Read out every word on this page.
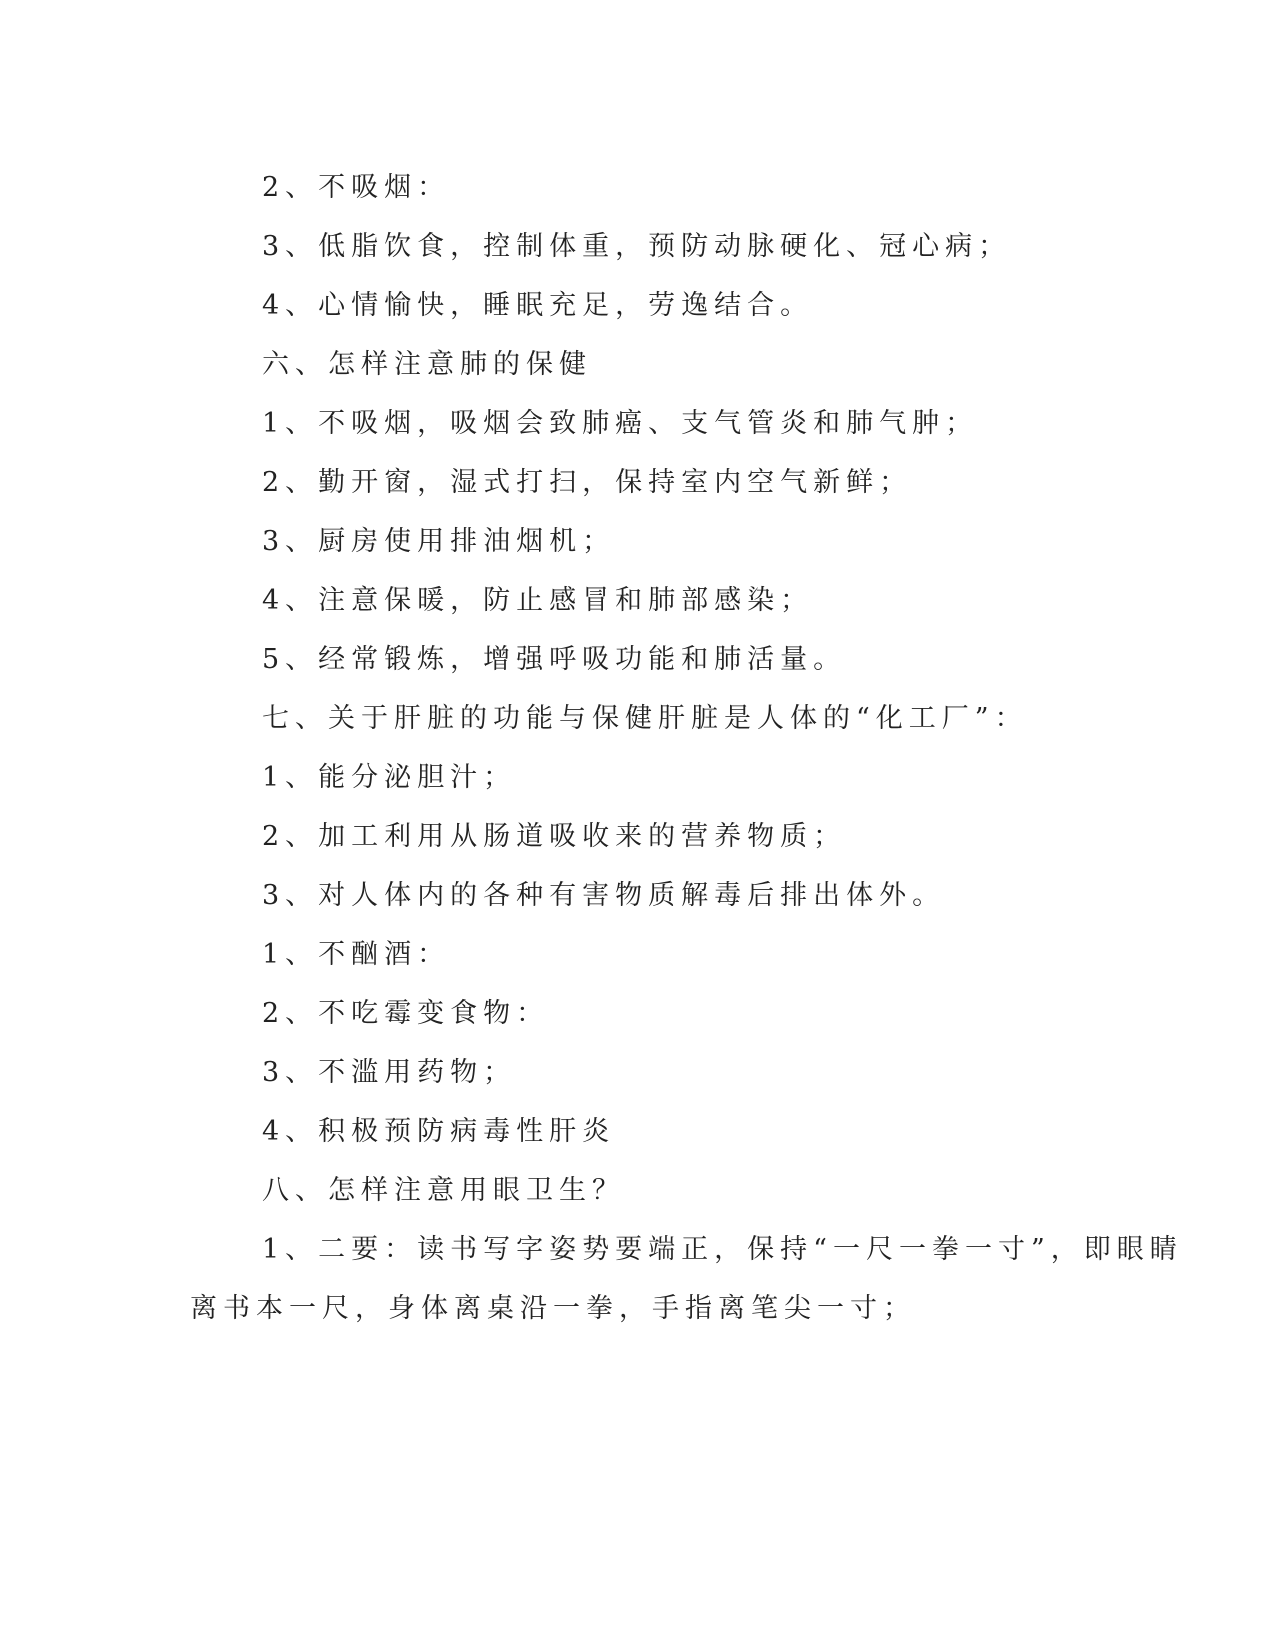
2、不吸烟：
3、低脂饮食，控制体重，预防动脉硬化、冠心病；
4、心情愉快，睡眠充足，劳逸结合。
六、怎样注意肺的保健
1、不吸烟，吸烟会致肺癌、支气管炎和肺气肿；
2、勤开窗，湿式打扫，保持室内空气新鲜；
3、厨房使用排油烟机；
4、注意保暖，防止感冒和肺部感染；
5、经常锻炼，增强呼吸功能和肺活量。
七、关于肝脏的功能与保健肝脏是人体的“化工厂”：
1、能分泌胆汁；
2、加工利用从肠道吸收来的营养物质；
3、对人体内的各种有害物质解毒后排出体外。
1、不酗酒：
2、不吃霉变食物：
3、不滥用药物；
4、积极预防病毒性肝炎
八、怎样注意用眼卫生？
1、二要：读书写字姿势要端正，保持“一尺一拳一寸”，即眼睛
离书本一尺，身体离桌沿一拳，手指离笔尖一寸；
